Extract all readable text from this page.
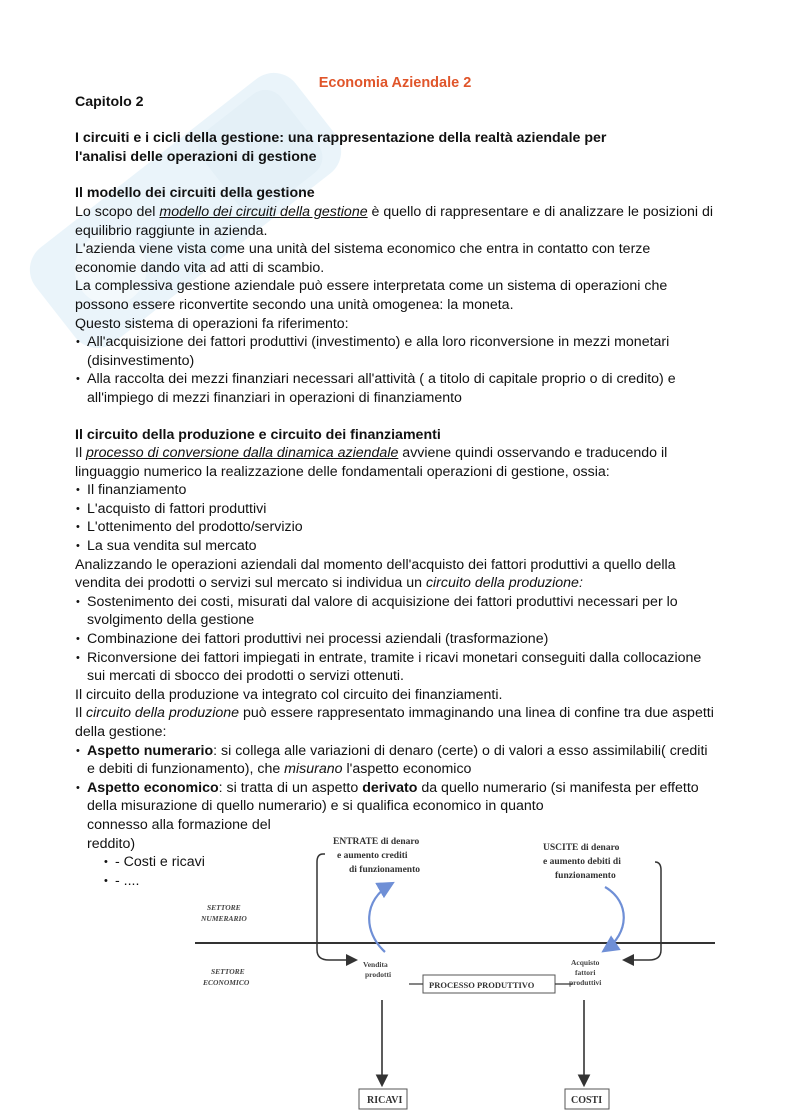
Economia Aziendale 2
Capitolo 2
I circuiti e i cicli della gestione: una rappresentazione della realtà aziendale per
l'analisi delle operazioni di gestione
Il modello dei circuiti della gestione

Lo scopo del modello dei circuiti della gestione è quello di rappresentare e di analizzare le posizioni di equilibrio raggiunte in azienda.

L'azienda viene vista come una unità del sistema economico che entra in contatto con terze economie dando vita ad atti di scambio.

La complessiva gestione aziendale può essere interpretata come un sistema di operazioni che possono essere riconvertite secondo una unità omogenea: la moneta.

Questo sistema di operazioni fa riferimento:

• All'acquisizione dei fattori produttivi (investimento) e alla loro riconversione in mezzi monetari (disinvestimento)
• Alla raccolta dei mezzi finanziari necessari all'attività ( a titolo di capitale proprio o di credito) e all'impiego di mezzi finanziari in operazioni di finanziamento
Il circuito della produzione e circuito dei finanziamenti

Il processo di conversione dalla dinamica aziendale avviene quindi osservando e traducendo il linguaggio numerico la realizzazione delle fondamentali operazioni di gestione, ossia:

• Il finanziamento
• L'acquisto di fattori produttivi
• L'ottenimento del prodotto/servizio
• La sua vendita sul mercato

Analizzando le operazioni aziendali dal momento dell'acquisto dei fattori produttivi a quello della vendita dei prodotti o servizi sul mercato si individua un circuito della produzione:

• Sostenimento dei costi, misurati dal valore di acquisizione dei fattori produttivi necessari per lo svolgimento della gestione
• Combinazione dei fattori produttivi nei processi aziendali (trasformazione)
• Riconversione dei fattori impiegati in entrate, tramite i ricavi monetari conseguiti dalla collocazione sui mercati di sbocco dei prodotti o servizi ottenuti.

Il circuito della produzione va integrato col circuito dei finanziamenti.

Il circuito della produzione può essere rappresentato immaginando una linea di confine tra due aspetti della gestione:

• Aspetto numerario: si collega alle variazioni di denaro (certe) o di valori a esso assimilabili( crediti e debiti di funzionamento), che misurano l'aspetto economico
• Aspetto economico: si tratta di un aspetto derivato da quello numerario (si manifesta per effetto della misurazione di quello numerario) e si qualifica economico in quanto
connesso alla formazione del
reddito)
• - Costi e ricavi
• - ....
ENTRATE di denaro
e aumento crediti
di funzionamento
USCITE di denaro
e aumento debiti di
funzionamento
PROCESSO PRODUTTIVO
RICAVI	COSTI
SETTORE
NUMERARIO
SETTORE
ECONOMICO
Vendita
prodotti
Acquisto
fattori
produttivi
